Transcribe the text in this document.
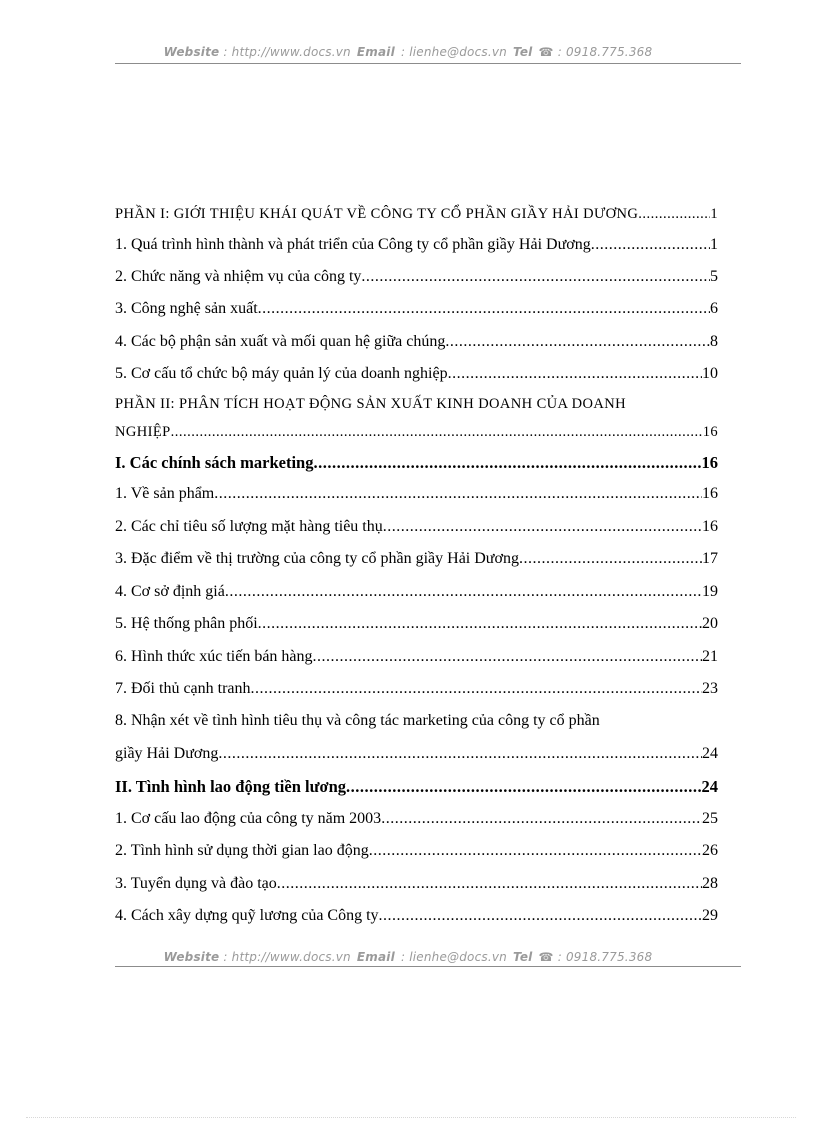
Website : http://www.docs.vn Email : lienhe@docs.vn Tel ☎ : 0918.775.368
PHẦN I: GIỚI THIỆU KHÁI QUÁT VỀ CÔNG TY CỔ PHẦN GIẦY HẢI DƯƠNG .....	1
1. Quá trình hình thành và phát triển của Công ty cổ phần giầy Hải Dương .....	1
2. Chức năng và nhiệm vụ của công ty .....	5
3. Công nghệ sản xuất .....	6
4. Các bộ phận sản xuất và mối quan hệ giữa chúng .....	8
5. Cơ cấu tổ chức bộ máy quản lý của doanh nghiệp .....	10
PHẦN II: PHÂN TÍCH HOẠT ĐỘNG SẢN XUẤT KINH DOANH CỦA DOANH
NGHIỆP .....	16
I. Các chính sách marketing .....	16
1. Về sản phẩm .....	16
2. Các chỉ tiêu số lượng mặt hàng tiêu thụ .....	16
3. Đặc điểm về thị trường của công ty cổ phần giầy Hải Dương .....	17
4. Cơ sở định giá .....	19
5. Hệ thống phân phối .....	20
6. Hình thức xúc tiến bán hàng .....	21
7. Đối thủ cạnh tranh .....	23
8. Nhận xét về tình hình tiêu thụ và công tác marketing của công ty cổ phần
giầy Hải Dương .....	24
II. Tình hình lao động tiền lương .....	24
1. Cơ cấu lao động của công ty năm 2003 .....	25
2. Tình hình sử dụng thời gian lao động .....	26
3. Tuyển dụng và đào tạo .....	28
4. Cách xây dựng quỹ lương của Công ty .....	29
Website : http://www.docs.vn Email : lienhe@docs.vn Tel ☎ : 0918.775.368
